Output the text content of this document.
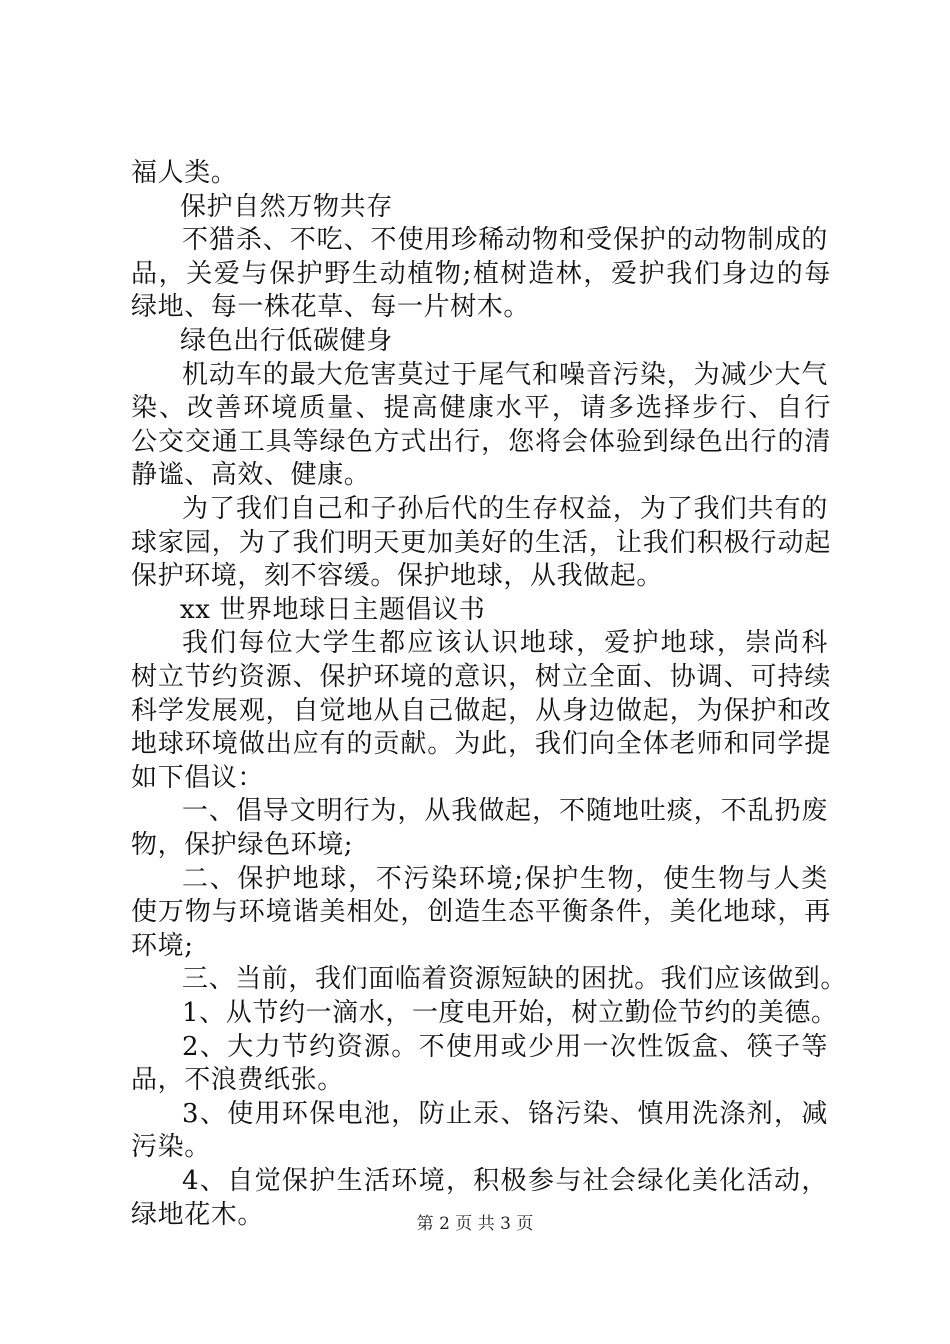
福人类。
保护自然万物共存
不猎杀、不吃、不使用珍稀动物和受保护的动物制成的
品，关爱与保护野生动植物;植树造林，爱护我们身边的每
绿地、每一株花草、每一片树木。
绿色出行低碳健身
机动车的最大危害莫过于尾气和噪音污染，为减少大气
染、改善环境质量、提高健康水平，请多选择步行、自行
公交交通工具等绿色方式出行，您将会体验到绿色出行的清
静谧、高效、健康。
为了我们自己和子孙后代的生存权益，为了我们共有的
球家园，为了我们明天更加美好的生活，让我们积极行动起
保护环境，刻不容缓。保护地球，从我做起。
xx 世界地球日主题倡议书
我们每位大学生都应该认识地球，爱护地球，崇尚科
树立节约资源、保护环境的意识，树立全面、协调、可持续
科学发展观，自觉地从自己做起，从身边做起，为保护和改
地球环境做出应有的贡献。为此，我们向全体老师和同学提
如下倡议：
一、倡导文明行为，从我做起，不随地吐痰，不乱扔废
物，保护绿色环境;
二、保护地球，不污染环境;保护生物，使生物与人类
使万物与环境谐美相处，创造生态平衡条件，美化地球，再
环境;
三、当前，我们面临着资源短缺的困扰。我们应该做到。
1、从节约一滴水，一度电开始，树立勤俭节约的美德。
2、大力节约资源。不使用或少用一次性饭盒、筷子等
品，不浪费纸张。
3、使用环保电池，防止汞、铬污染、慎用洗涤剂，减
污染。
4、自觉保护生活环境，积极参与社会绿化美化活动，
绿地花木。	第 2 页 共 3 页
